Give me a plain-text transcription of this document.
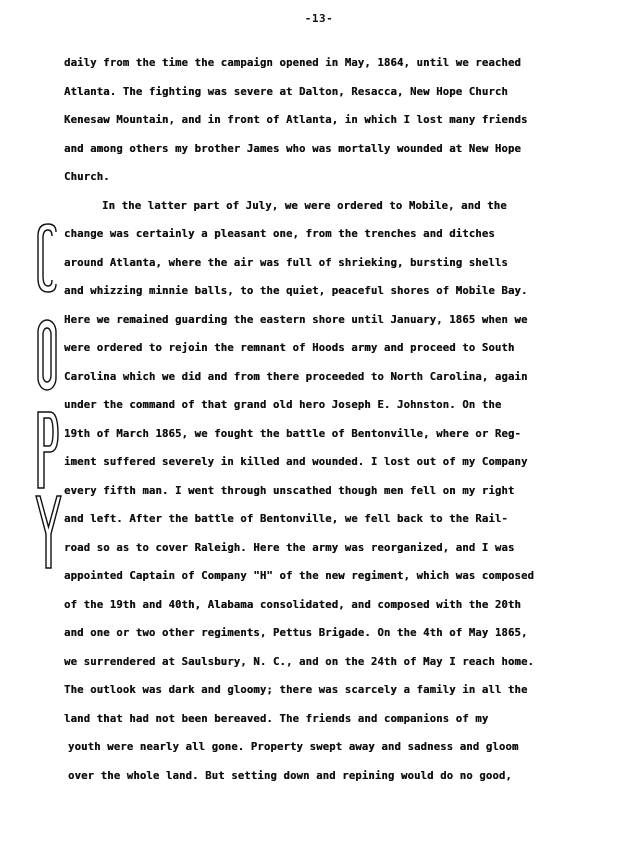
-13-
daily from the time the campaign opened in May, 1864, until we reached
Atlanta. The fighting was severe at Dalton, Resacca, New Hope Church
Kenesaw Mountain, and in front of Atlanta, in which I lost many friends
and among others my brother James who was mortally wounded at New Hope
Church.
In the latter part of July, we were ordered to Mobile, and the
change was certainly a pleasant one, from the trenches and ditches
around Atlanta, where the air was full of shrieking, bursting shells
and whizzing minnie balls, to the quiet, peaceful shores of Mobile Bay.
Here we remained guarding the eastern shore until January, 1865 when we
were ordered to rejoin the remnant of Hoods army and proceed to South
Carolina which we did and from there proceeded to North Carolina, again
under the command of that grand old hero Joseph E. Johnston. On the
19th of March 1865, we fought the battle of Bentonville, where or Reg-
iment suffered severely in killed and wounded. I lost out of my Company
every fifth man. I went through unscathed though men fell on my right
and left. After the battle of Bentonville, we fell back to the Rail-
road so as to cover Raleigh. Here the army was reorganized, and I was
appointed Captain of Company "H" of the new regiment, which was composed
of the 19th and 40th, Alabama consolidated, and composed with the 20th
and one or two other regiments, Pettus Brigade. On the 4th of May 1865,
we surrendered at Saulsbury, N. C., and on the 24th of May I reach home.
The outlook was dark and gloomy; there was scarcely a family in all the
land that had not been bereaved. The friends and companions of my
youth were nearly all gone. Property swept away and sadness and gloom
over the whole land. But setting down and repining would do no good,
